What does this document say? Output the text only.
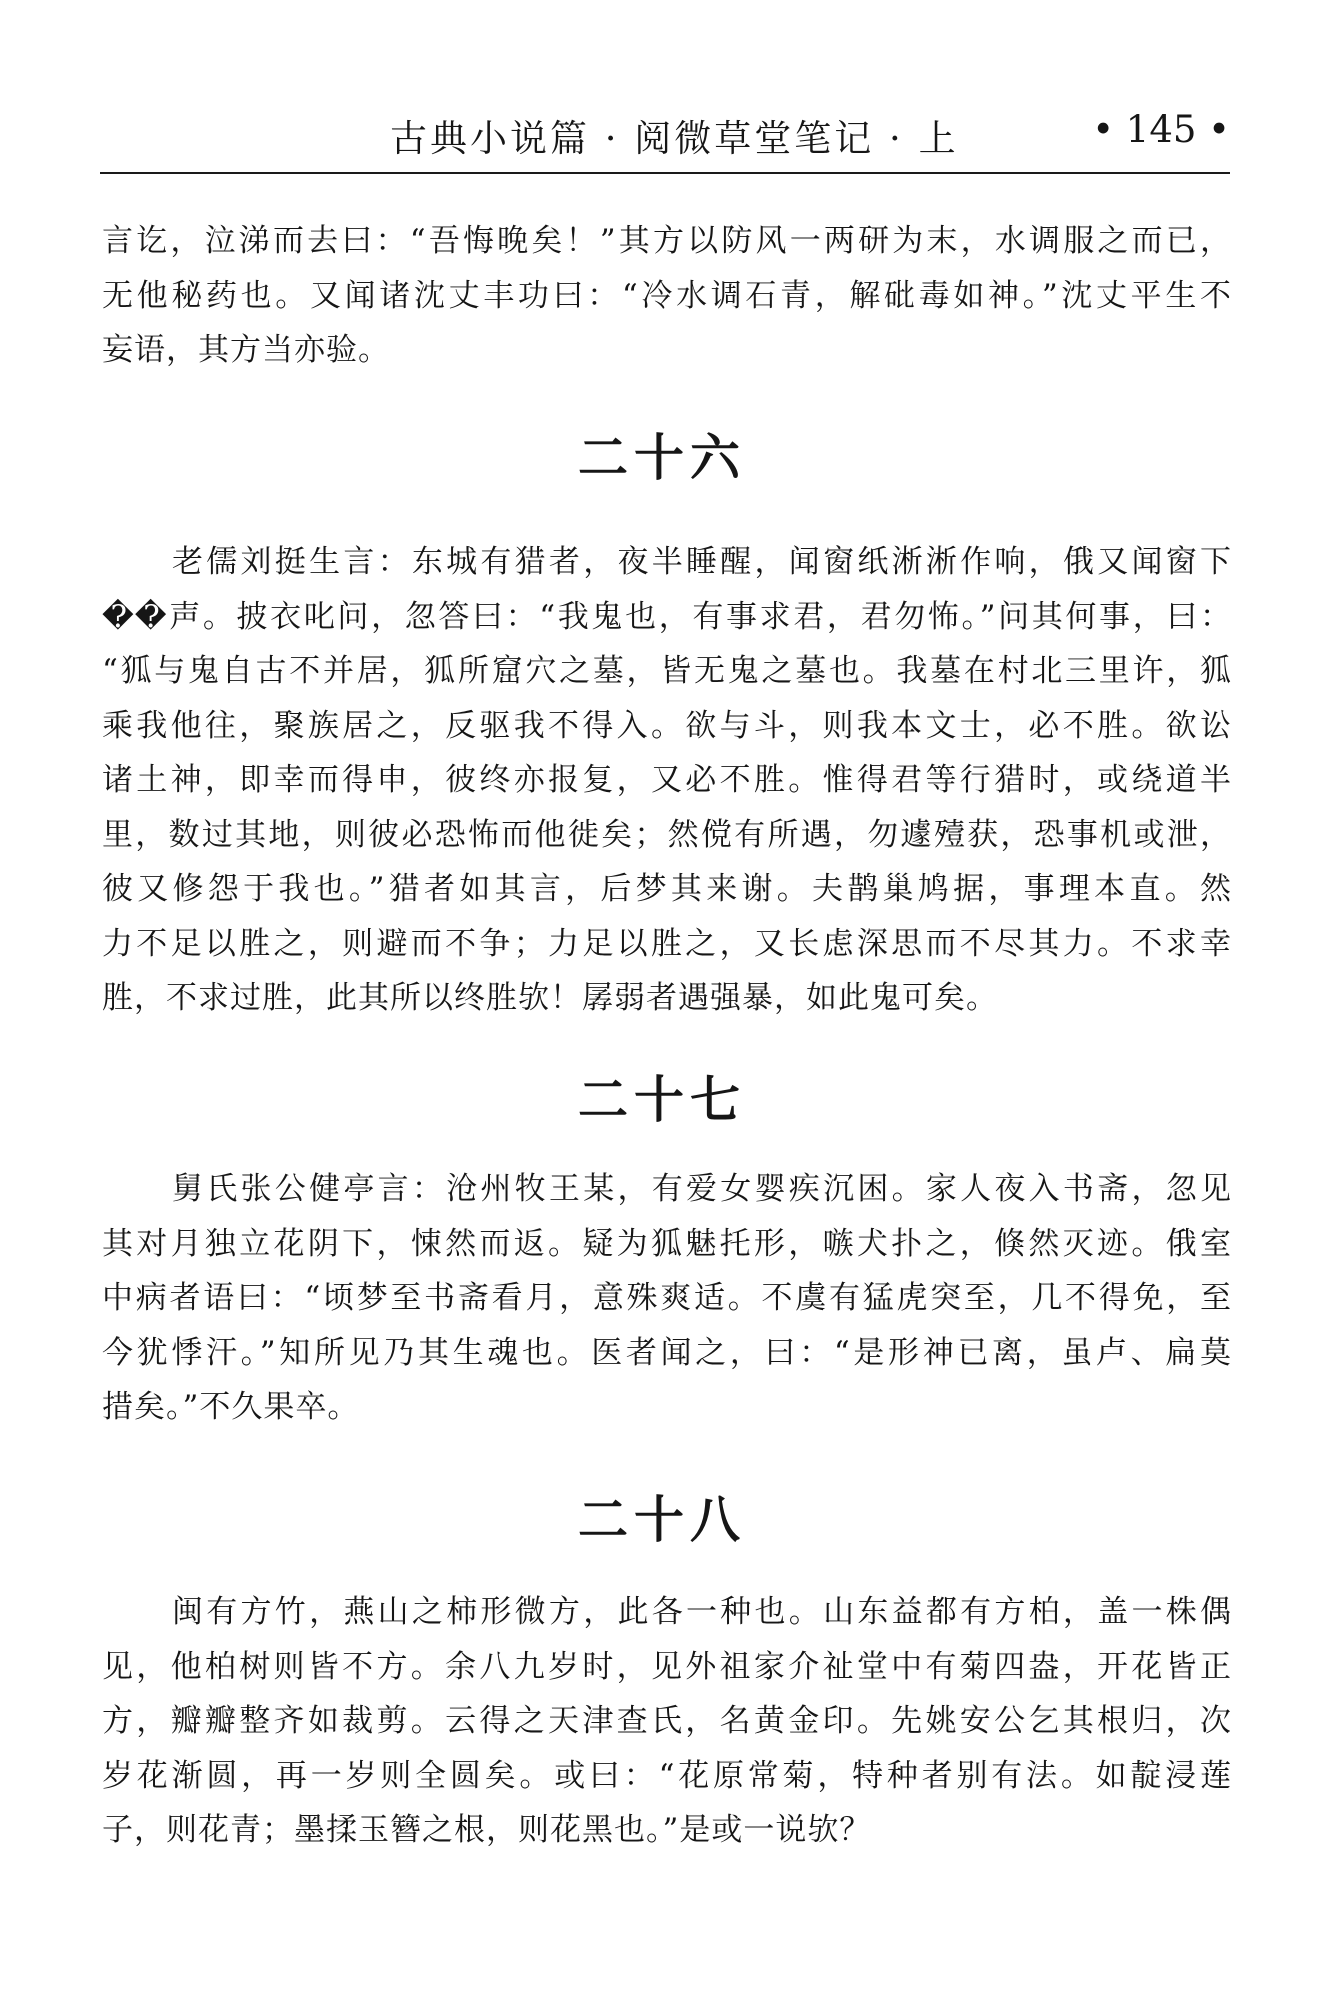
古典小说篇 · 阅微草堂笔记 · 上	• 145 •

言讫，泣涕而去曰：“吾悔晚矣！”其方以防风一两研为末，水调服之而已，
无他秘药也。又闻诸沈丈丰功曰：“冷水调石青，解砒毒如神。”沈丈平生不
妄语，其方当亦验。

二十六

老儒刘挺生言：东城有猎者，夜半睡醒，闻窗纸淅淅作响，俄又闻窗下
��声。披衣叱问，忽答曰：“我鬼也，有事求君，君勿怖。”问其何事，曰：
“狐与鬼自古不并居，狐所窟穴之墓，皆无鬼之墓也。我墓在村北三里许，狐
乘我他往，聚族居之，反驱我不得入。欲与斗，则我本文士，必不胜。欲讼
诸土神，即幸而得申，彼终亦报复，又必不胜。惟得君等行猎时，或绕道半
里，数过其地，则彼必恐怖而他徙矣；然傥有所遇，勿遽殪获，恐事机或泄，
彼又修怨于我也。”猎者如其言，后梦其来谢。夫鹊巢鸠据，事理本直。然
力不足以胜之，则避而不争；力足以胜之，又长虑深思而不尽其力。不求幸
胜，不求过胜，此其所以终胜欤！孱弱者遇强暴，如此鬼可矣。

二十七

舅氏张公健亭言：沧州牧王某，有爱女婴疾沉困。家人夜入书斋，忽见
其对月独立花阴下，悚然而返。疑为狐魅托形，嗾犬扑之，倏然灭迹。俄室
中病者语曰：“顷梦至书斋看月，意殊爽适。不虞有猛虎突至，几不得免，至
今犹悸汗。”知所见乃其生魂也。医者闻之，曰：“是形神已离，虽卢、扁莫
措矣。”不久果卒。

二十八

闽有方竹，燕山之柿形微方，此各一种也。山东益都有方柏，盖一株偶
见，他柏树则皆不方。余八九岁时，见外祖家介祉堂中有菊四盎，开花皆正
方，瓣瓣整齐如裁剪。云得之天津查氏，名黄金印。先姚安公乞其根归，次
岁花渐圆，再一岁则全圆矣。或曰：“花原常菊，特种者别有法。如靛浸莲
子，则花青；墨揉玉簪之根，则花黑也。”是或一说欤？
